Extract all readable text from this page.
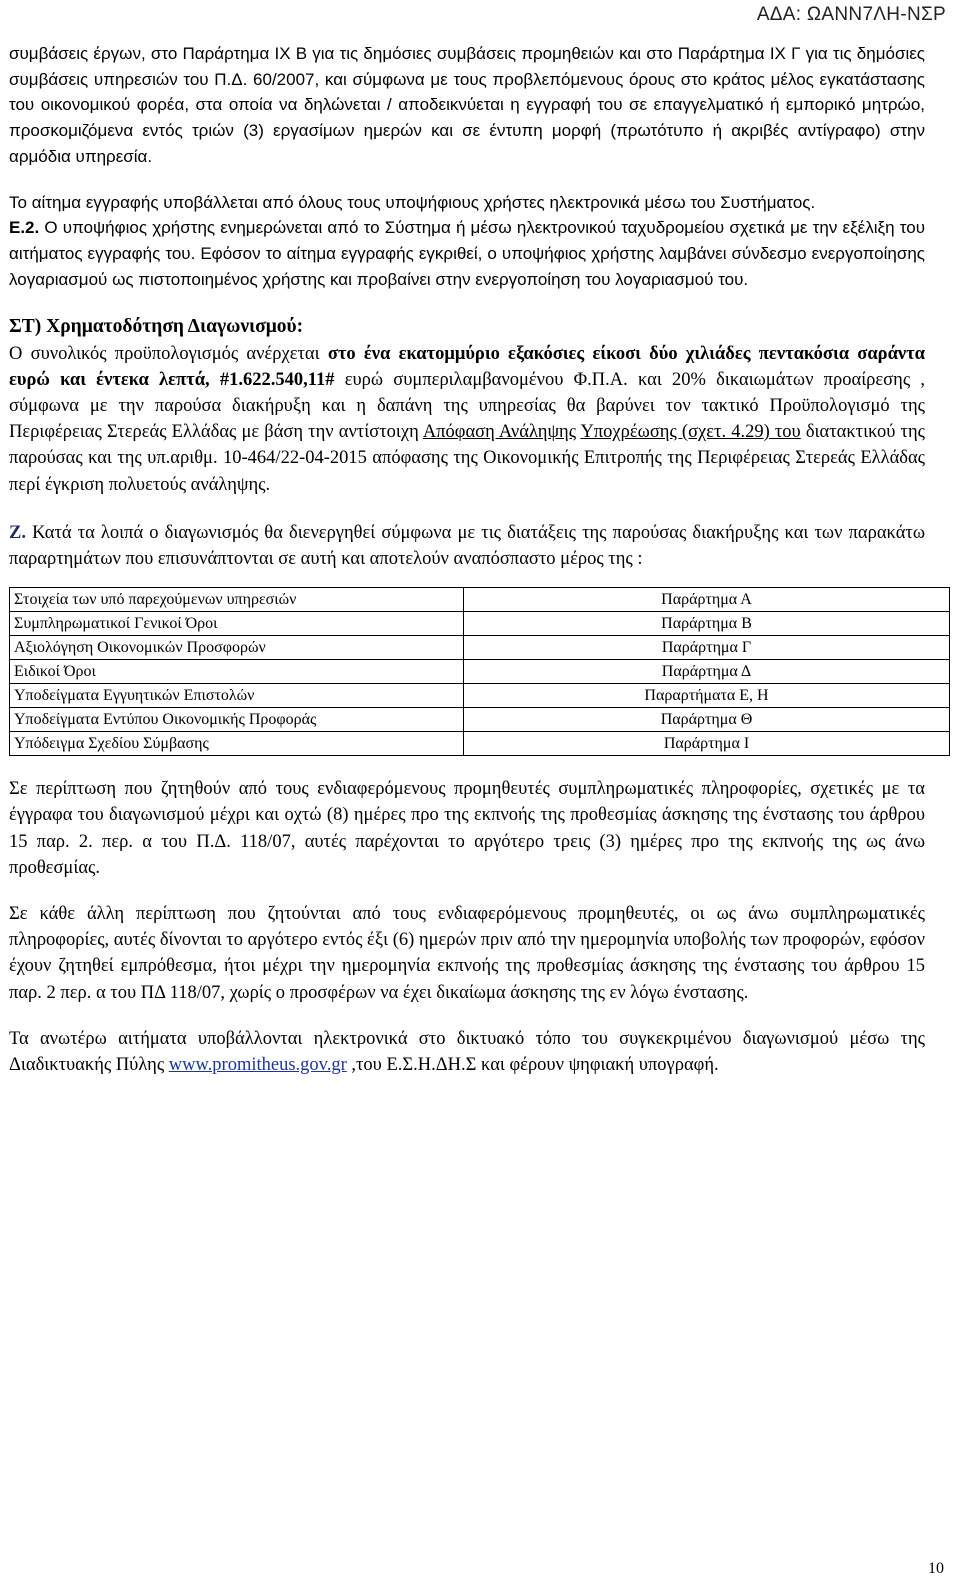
ΑΔΑ: ΩΑΝΝ7ΛΗ-ΝΣΡ

συμβάσεις έργων, στο Παράρτημα ΙΧ Β για τις δημόσιες συμβάσεις προμηθειών και στο Παράρτημα ΙΧ Γ για τις δημόσιες συμβάσεις υπηρεσιών του Π.Δ. 60/2007, και σύμφωνα με τους προβλεπόμενους όρους στο κράτος μέλος εγκατάστασης του οικονομικού φορέα, στα οποία να δηλώνεται / αποδεικνύεται η εγγραφή του σε επαγγελματικό ή εμπορικό μητρώο, προσκομιζόμενα εντός τριών (3) εργασίμων ημερών και σε έντυπη μορφή (πρωτότυπο ή ακριβές αντίγραφο) στην αρμόδια υπηρεσία.

Το αίτημα εγγραφής υποβάλλεται από όλους τους υποψήφιους χρήστες ηλεκτρονικά μέσω του Συστήματος.

Ε.2. Ο υποψήφιος χρήστης ενημερώνεται από το Σύστημα ή μέσω ηλεκτρονικού ταχυδρομείου σχετικά με την εξέλιξη του αιτήματος εγγραφής του. Εφόσον το αίτημα εγγραφής εγκριθεί, ο υποψήφιος χρήστης λαμβάνει σύνδεσμο ενεργοποίησης λογαριασμού ως πιστοποιημένος χρήστης και προβαίνει στην ενεργοποίηση του λογαριασμού του.

ΣΤ) Χρηματοδότηση Διαγωνισμού:

Ο συνολικός προϋπολογισμός ανέρχεται στο ένα εκατομμύριο εξακόσιες είκοσι δύο χιλιάδες πεντακόσια σαράντα ευρώ και έντεκα λεπτά, #1.622.540,11# ευρώ συμπεριλαμβανομένου Φ.Π.Α. και 20% δικαιωμάτων προαίρεσης , σύμφωνα με την παρούσα διακήρυξη και η δαπάνη της υπηρεσίας θα βαρύνει τον τακτικό Προϋπολογισμό της Περιφέρειας Στερεάς Ελλάδας με βάση την αντίστοιχη Απόφαση Ανάληψης Υποχρέωσης (σχετ. 4.29) του διατακτικού της παρούσας και της υπ.αριθμ. 10-464/22-04-2015 απόφασης της Οικονομικής Επιτροπής της Περιφέρειας Στερεάς Ελλάδας περί έγκριση πολυετούς ανάληψης.

Ζ. Κατά τα λοιπά ο διαγωνισμός θα διενεργηθεί σύμφωνα με τις διατάξεις της παρούσας διακήρυξης και των παρακάτω παραρτημάτων που επισυνάπτονται σε αυτή και αποτελούν αναπόσπαστο μέρος της :

Στοιχεία των υπό παρεχούμενων υπηρεσιών	Παράρτημα Α
Συμπληρωματικοί Γενικοί Όροι	Παράρτημα Β
Αξιολόγηση Οικονομικών Προσφορών	Παράρτημα Γ
Ειδικοί Όροι	Παράρτημα Δ
Υποδείγματα Εγγυητικών Επιστολών	Παραρτήματα Ε, Η
Υποδείγματα Εντύπου Οικονομικής Προφοράς	Παράρτημα Θ
Υπόδειγμα Σχεδίου Σύμβασης	Παράρτημα Ι

Σε περίπτωση που ζητηθούν από τους ενδιαφερόμενους προμηθευτές συμπληρωματικές πληροφορίες, σχετικές με τα έγγραφα του διαγωνισμού μέχρι και οχτώ (8) ημέρες προ της εκπνοής της προθεσμίας άσκησης της ένστασης του άρθρου 15 παρ. 2. περ. α του Π.Δ. 118/07, αυτές παρέχονται το αργότερο τρεις (3) ημέρες προ της εκπνοής της ως άνω προθεσμίας.

Σε κάθε άλλη περίπτωση που ζητούνται από τους ενδιαφερόμενους προμηθευτές, οι ως άνω συμπληρωματικές πληροφορίες, αυτές δίνονται το αργότερο εντός έξι (6) ημερών πριν από την ημερομηνία υποβολής των προφορών, εφόσον έχουν ζητηθεί εμπρόθεσμα, ήτοι μέχρι την ημερομηνία εκπνοής της προθεσμίας άσκησης της ένστασης του άρθρου 15 παρ. 2 περ. α του ΠΔ 118/07, χωρίς ο προσφέρων να έχει δικαίωμα άσκησης της εν λόγω ένστασης.

Τα ανωτέρω αιτήματα υποβάλλονται ηλεκτρονικά στο δικτυακό τόπο του συγκεκριμένου διαγωνισμού μέσω της Διαδικτυακής Πύλης www.promitheus.gov.gr ,του Ε.Σ.Η.ΔΗ.Σ και φέρουν ψηφιακή υπογραφή.

10
